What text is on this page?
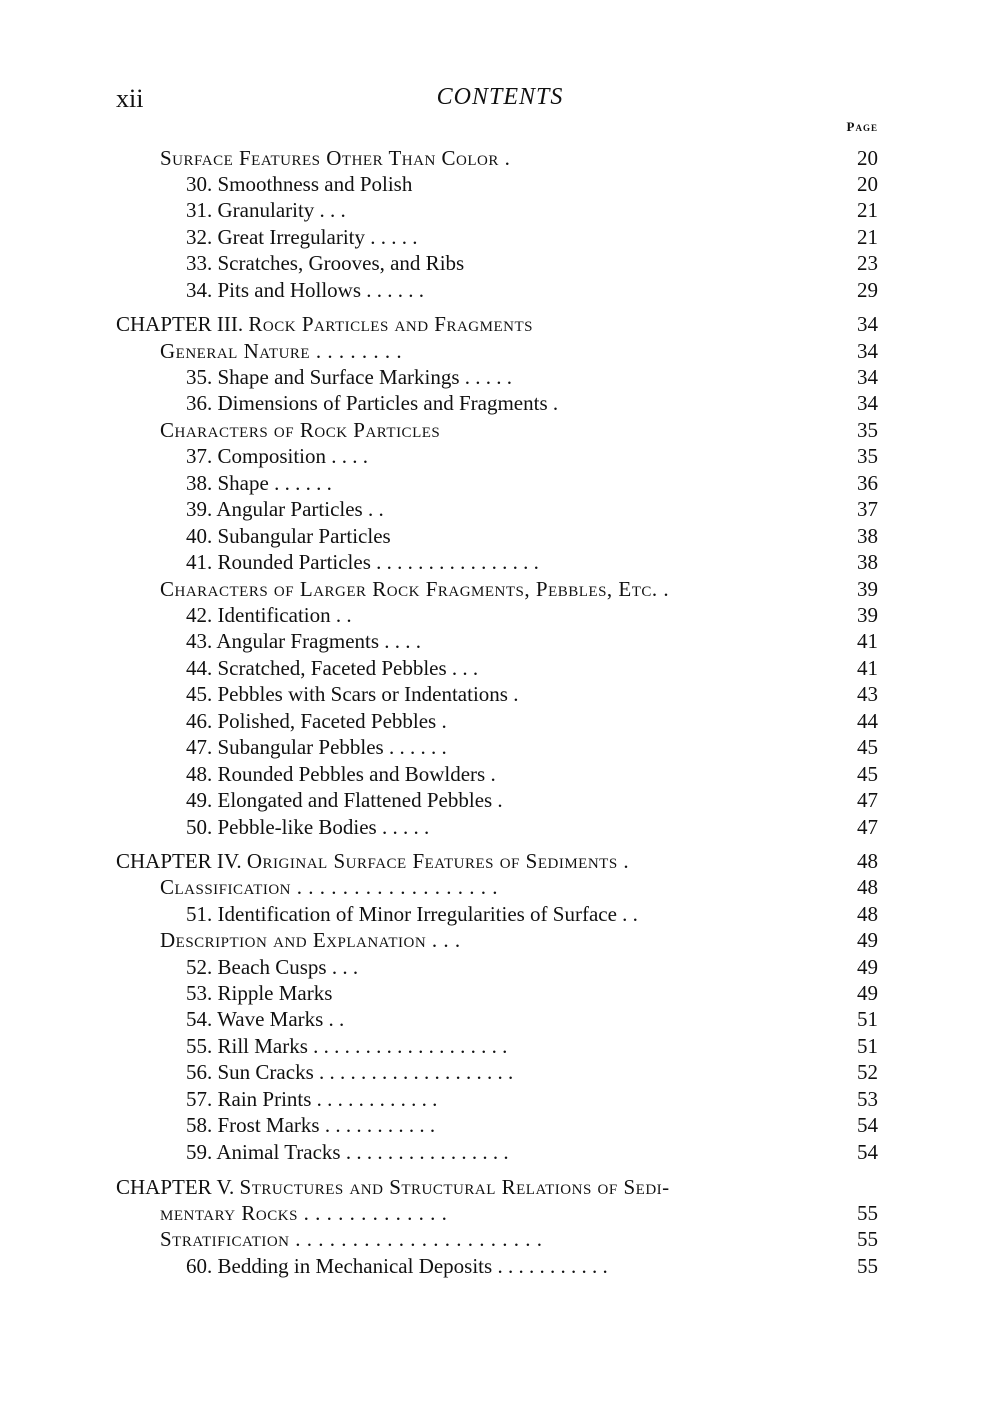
xii	CONTENTS
Page
Surface Features Other Than Color .	20
30. Smoothness and Polish	20
31. Granularity . . .	21
32. Great Irregularity . . . . .	21
33. Scratches, Grooves, and Ribs	23
34. Pits and Hollows . . . . . .	29
CHAPTER III. Rock Particles and Fragments	34
General Nature . . . . . . . .	34
35. Shape and Surface Markings . . . . .	34
36. Dimensions of Particles and Fragments .	34
Characters of Rock Particles	35
37. Composition . . . .	35
38. Shape . . . . . .	36
39. Angular Particles . .	37
40. Subangular Particles	38
41. Rounded Particles . . . . . . . . . . . . . . . .	38
Characters of Larger Rock Fragments, Pebbles, Etc. .	39
42. Identification . .	39
43. Angular Fragments . . . .	41
44. Scratched, Faceted Pebbles . . .	41
45. Pebbles with Scars or Indentations .	43
46. Polished, Faceted Pebbles .	44
47. Subangular Pebbles . . . . . .	45
48. Rounded Pebbles and Bowlders .	45
49. Elongated and Flattened Pebbles .	47
50. Pebble-like Bodies . . . . .	47
CHAPTER IV. Original Surface Features of Sediments .	48
Classification . . . . . . . . . . . . . . . . . .	48
51. Identification of Minor Irregularities of Surface . .	48
Description and Explanation . . .	49
52. Beach Cusps . . .	49
53. Ripple Marks	49
54. Wave Marks . .	51
55. Rill Marks . . . . . . . . . . . . . . . . . . .	51
56. Sun Cracks . . . . . . . . . . . . . . . . . . .	52
57. Rain Prints . . . . . . . . . . . .	53
58. Frost Marks . . . . . . . . . . .	54
59. Animal Tracks . . . . . . . . . . . . . . . .	54
CHAPTER V. Structures and Structural Relations of Sedi-
mentary Rocks . . . . . . . . . . . . .	55
Stratification . . . . . . . . . . . . . . . . . . . . . .	55
60. Bedding in Mechanical Deposits . . . . . . . . . . .	55
